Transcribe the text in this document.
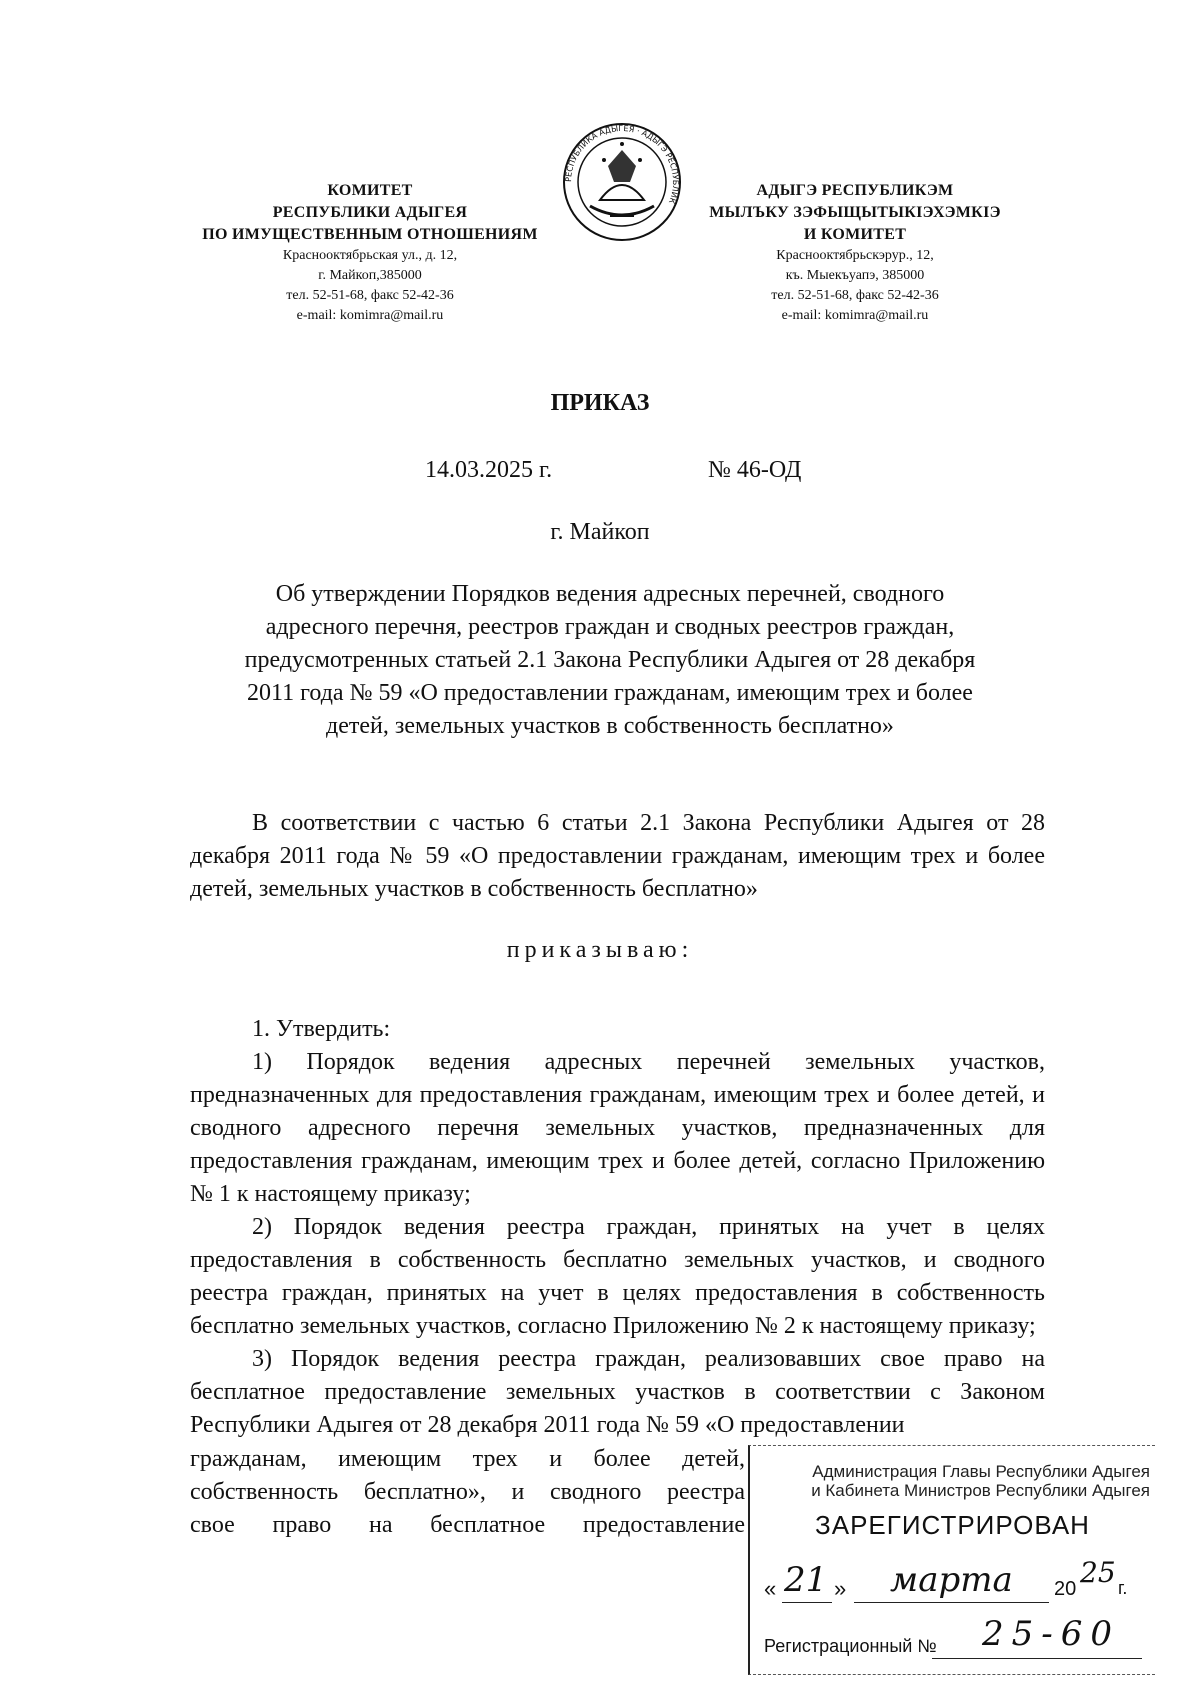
КОМИТЕТ
РЕСПУБЛИКИ АДЫГЕЯ
ПО ИМУЩЕСТВЕННЫМ ОТНОШЕНИЯМ
Краснооктябрьская ул., д. 12,
г. Майкоп,385000
тел. 52-51-68, факс 52-42-36
e-mail: komimra@mail.ru
РЕСПУБЛИКА АДЫГЕЯ · АДЫГЭ РЕСПУБЛИК
АДЫГЭ РЕСПУБЛИКЭМ
МЫЛЪКУ ЗЭФЫЩЫТЫКІЭХЭМКІЭ
И КОМИТЕТ
Краснооктябрьскэрур., 12,
къ. Мыекъуапэ, 385000
тел. 52-51-68, факс 52-42-36
e-mail: komimra@mail.ru
ПРИКАЗ
14.03.2025 г.	№ 46-ОД
г. Майкоп
Об утверждении Порядков ведения адресных перечней, сводного
адресного перечня, реестров граждан и сводных реестров граждан,
предусмотренных статьей 2.1 Закона Республики Адыгея от 28 декабря
2011 года № 59 «О предоставлении гражданам, имеющим трех и более
детей, земельных участков в собственность бесплатно»
В соответствии с частью 6 статьи 2.1 Закона Республики Адыгея от 28 декабря 2011 года № 59 «О предоставлении гражданам, имеющим трех и более детей, земельных участков в собственность бесплатно»
приказываю:
1. Утвердить:
1) Порядок ведения адресных перечней земельных участков, предназначенных для предоставления гражданам, имеющим трех и более детей, и сводного адресного перечня земельных участков, предназначенных для предоставления гражданам, имеющим трех и более детей, согласно Приложению № 1 к настоящему приказу;
2) Порядок ведения реестра граждан, принятых на учет в целях предоставления в собственность бесплатно земельных участков, и сводного реестра граждан, принятых на учет в целях предоставления в собственность бесплатно земельных участков, согласно Приложению № 2 к настоящему приказу;
3) Порядок ведения реестра граждан, реализовавших свое право на бесплатное предоставление земельных участков в соответствии с Законом Республики Адыгея от 28 декабря 2011 года № 59 «О предоставлении
гражданам, имеющим трех и более детей,
собственность бесплатно», и сводного реестра
свое право на бесплатное предоставление
Администрация Главы Республики Адыгея
и Кабинета Министров Республики Адыгея
ЗАРЕГИСТРИРОВАН
« 21 » марта 20 25 г.
Регистрационный № 25-60
